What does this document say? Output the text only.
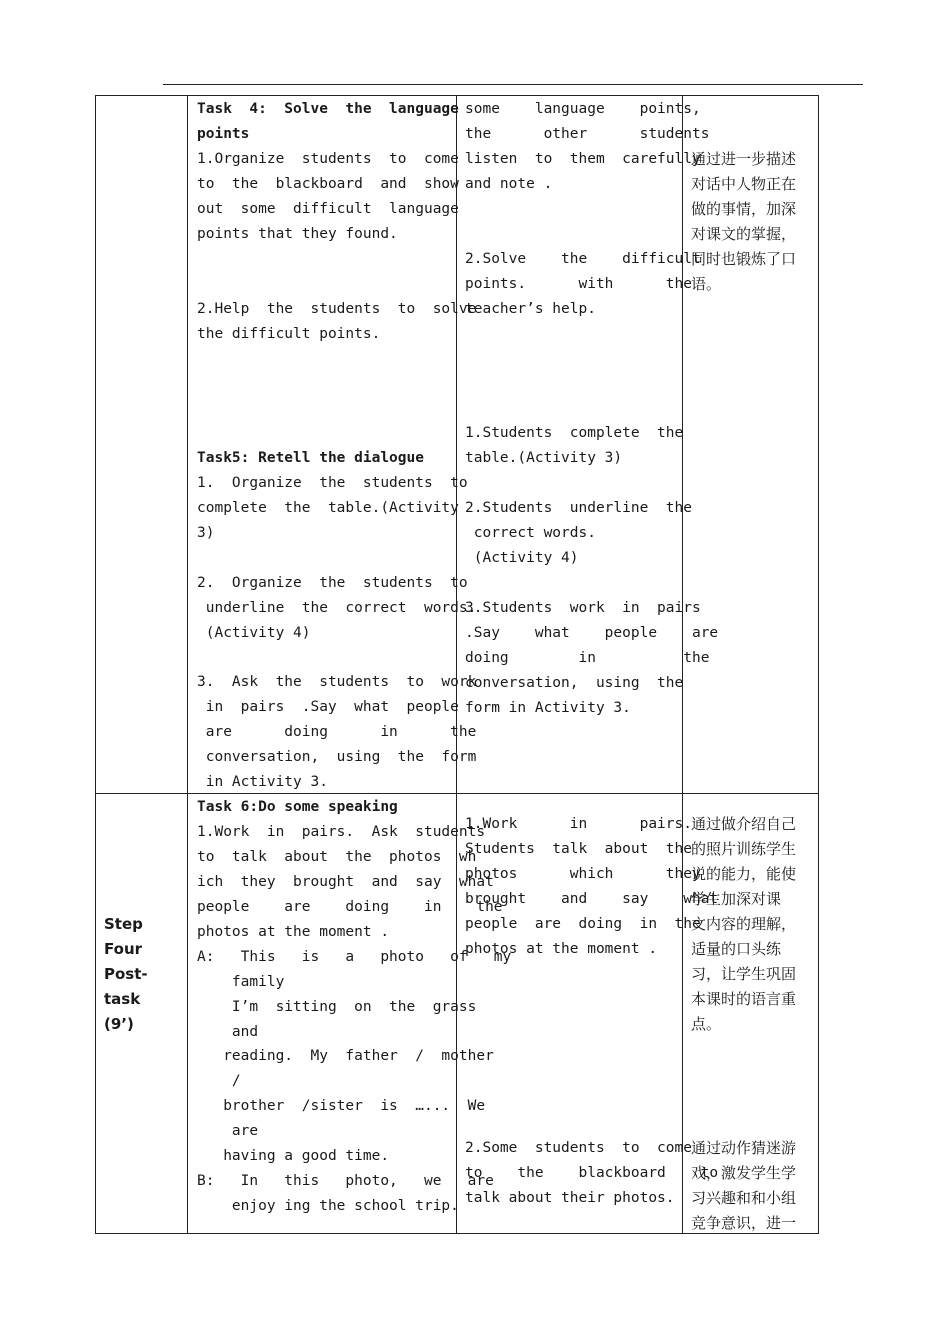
Task  4:  Solve  the  language
points
1.Organize  students  to  come
to  the  blackboard  and  show
out  some  difficult  language
points that they found.
2.Help  the  students  to  solve
the difficult points.
Task5: Retell the dialogue
1.  Organize  the  students  to
complete  the  table.(Activity
3)
2.  Organize  the  students  to
underline  the  correct  words.
(Activity 4)
3.  Ask  the  students  to  work
in  pairs  .Say  what  people
are      doing      in      the
conversation,  using  the  form
in Activity 3.
some    language    points,
the      other      students
listen  to  them  carefully
and note .
2.Solve    the    difficult
points.      with      the
teacher’s help.
1.Students  complete  the
table.(Activity 3)
2.Students  underline  the
correct words.
(Activity 4)
3.Students  work  in  pairs
.Say    what    people    are
doing        in          the
conversation,  using  the
form in Activity 3.
通过进一步描述
对话中人物正在
做的事情，加深
对课文的掌握，
同时也锻炼了口
语。
Step
Four
Post-
task
(9’)
Task 6:Do some speaking
1.Work  in  pairs.  Ask  students
to  talk  about  the  photos  wh
ich  they  brought  and  say  what
people    are    doing    in    the
photos at the moment .
A:   This   is   a   photo   of   my
family
I’m  sitting  on  the  grass
and
reading.  My  father  /  mother
/
brother  /sister  is  …...  We
are
having a good time.
B:   In   this   photo,   we   are
enjoy ing the school trip.
1.Work      in      pairs.
Students  talk  about  the
photos      which      they
brought    and    say    what
people  are  doing  in  the
photos at the moment .
2.Some  students  to  come
to    the    blackboard    to
talk about their photos.
通过做介绍自己
的照片训练学生
说的能力，能使
学生加深对课
文内容的理解，
适量的口头练
习，让学生巩固
本课时的语言重
点。
通过动作猜迷游
戏，激发学生学
习兴趣和和小组
竞争意识，进一
